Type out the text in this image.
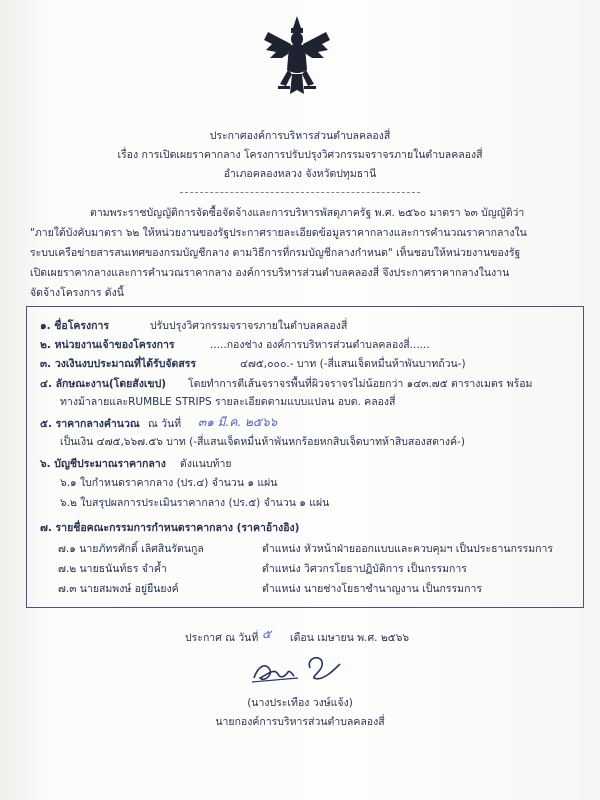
ประกาศองค์การบริหารส่วนตำบลคลองสี่
เรื่อง การเปิดเผยราคากลาง โครงการปรับปรุงวิศวกรรมจราจรภายในตำบลคลองสี่
อำเภอคลองหลวง จังหวัดปทุมธานี
ตามพระราชบัญญัติการจัดซื้อจัดจ้างและการบริหารพัสดุภาครัฐ พ.ศ. ๒๕๖๐ มาตรา ๖๓ บัญญัติว่า
"ภายใต้บังคับมาตรา ๖๒ ให้หน่วยงานของรัฐประกาศรายละเอียดข้อมูลราคากลางและการคำนวณราคากลางใน
ระบบเครือข่ายสารสนเทศของกรมบัญชีกลาง ตามวิธีการที่กรมบัญชีกลางกำหนด" เห็นชอบให้หน่วยงานของรัฐ
เปิดเผยราคากลางและการคำนวณราคากลาง องค์การบริหารส่วนตำบลคลองสี่ จึงประกาศราคากลางในงาน
จัดจ้างโครงการ ดังนี้
๑. ชื่อโครงการ	ปรับปรุงวิศวกรรมจราจรภายในตำบลคลองสี่
๒. หน่วยงานเจ้าของโครงการ	.....กองช่าง องค์การบริหารส่วนตำบลคลองสี่......
๓. วงเงินงบประมาณที่ได้รับจัดสรร	๔๗๕,๐๐๐.- บาท (-สี่แสนเจ็ดหมื่นห้าพันบาทถ้วน-)
๔. ลักษณะงาน(โดยสังเขป) โดยทำการตีเส้นจราจรพื้นที่ผิวจราจรไม่น้อยกว่า ๑๔๓.๗๕ ตารางเมตร พร้อม
ทางม้าลายและRUMBLE STRIPS รายละเอียดตามแบบแปลน อบต. คลองสี่
๕. ราคากลางคำนวณ ณ วันที่ ๓๑ มี.ค. ๒๕๖๖
เป็นเงิน ๔๗๕,๖๖๗.๕๖ บาท (-สี่แสนเจ็ดหมื่นห้าพันหกร้อยหกสิบเจ็ดบาทห้าสิบสองสตางค์-)
๖. บัญชีประมาณราคากลาง ดังแนบท้าย
๖.๑ ใบกำหนดราคากลาง (ปร.๔) จำนวน ๑ แผ่น
๖.๒ ใบสรุปผลการประเมินราคากลาง (ปร.๕) จำนวน ๑ แผ่น
๗. รายชื่อคณะกรรมการกำหนดราคากลาง (ราคาอ้างอิง)
๗.๑ นายภัทรศักดิ์ เลิศสินรัตนกูล	ตำแหน่ง หัวหน้าฝ่ายออกแบบและควบคุมฯ เป็นประธานกรรมการ
๗.๒ นายธนันท์ธร จำค้ำ	ตำแหน่ง วิศวกรโยธาปฏิบัติการ เป็นกรรมการ
๗.๓ นายสมพงษ์ อยู่ยืนยงค์	ตำแหน่ง นายช่างโยธาชำนาญงาน เป็นกรรมการ
ประกาศ ณ วันที่ ๕ เดือน เมษายน พ.ศ. ๒๕๖๖
(นางประเทือง วงษ์แจ้ง)
นายกองค์การบริหารส่วนตำบลคลองสี่
